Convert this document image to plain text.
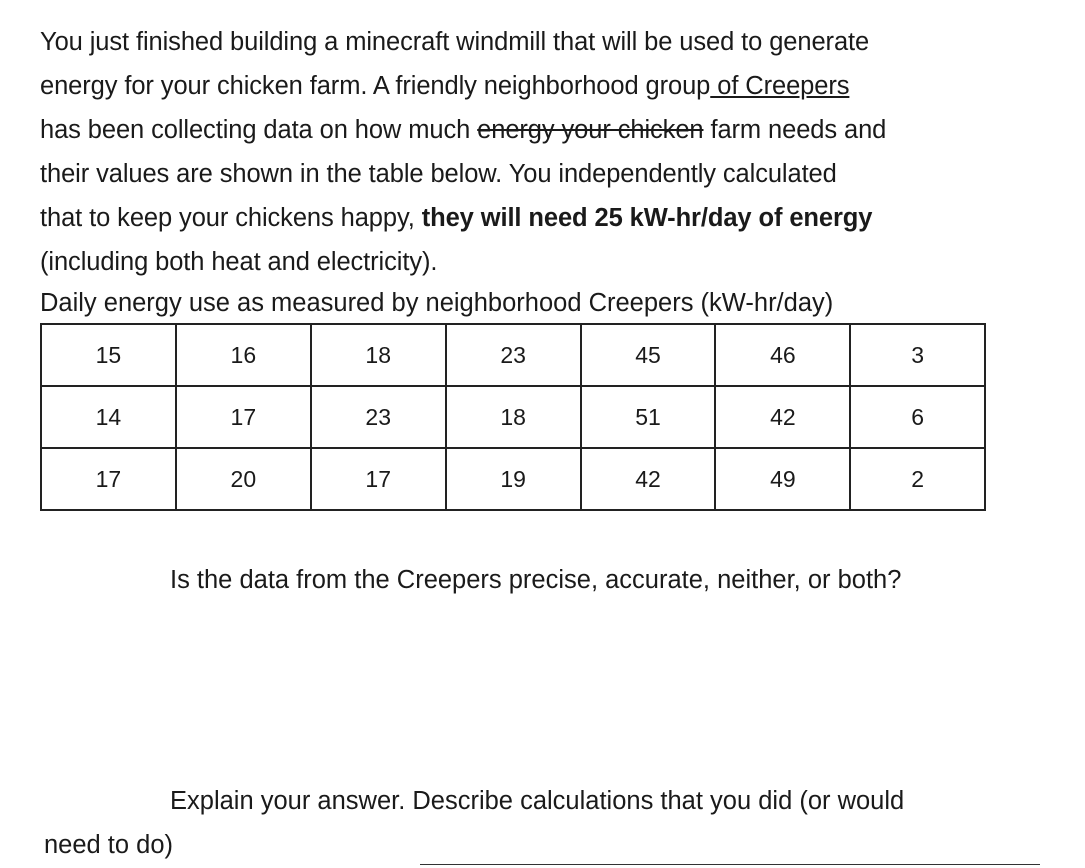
You just finished building a minecraft windmill that will be used to generate

energy for your chicken farm. A friendly neighborhood group of Creepers

has been collecting data on how much energy your chicken farm needs and

their values are shown in the table below. You independently calculated

that to keep your chickens happy, they will need 25 kW-hr/day of energy

(including both heat and electricity).

Daily energy use as measured by neighborhood Creepers (kW-hr/day)
15	16	18	23	45	46	3
14	17	23	18	51	42	6
17	20	17	19	42	49	2
Is the data from the Creepers precise, accurate, neither, or both?
Explain your answer. Describe calculations that you did (or would
need to do)
